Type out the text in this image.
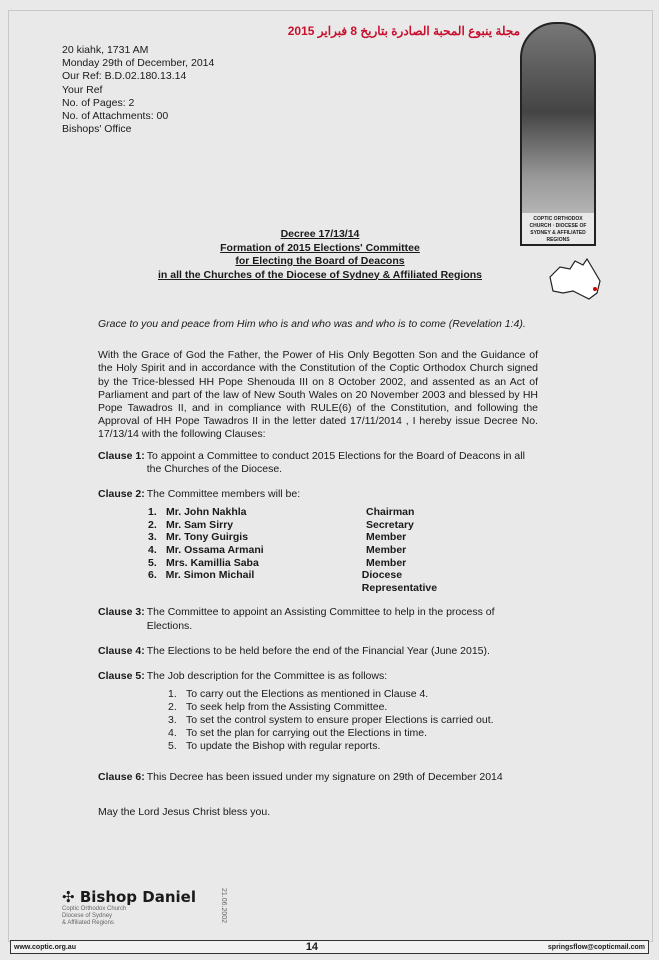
مجلة ينبوع المحبة الصادرة بتاريخ 8 فبراير 2015
20 kiahk, 1731 AM
Monday 29th of December, 2014
Our Ref: B.D.02.180.13.14
Your Ref
No. of Pages: 2
No. of Attachments: 00
Bishops' Office
COPTIC ORTHODOX CHURCH · DIOCESE OF SYDNEY & AFFILIATED REGIONS
Decree 17/13/14
Formation of 2015 Elections' Committee
for Electing the Board of Deacons
in all the Churches of the Diocese of Sydney & Affiliated Regions
Grace to you and peace from Him who is and who was and who is to come (Revelation 1:4).
With the Grace of God the Father, the Power of His Only Begotten Son and the Guidance of the Holy Spirit and in accordance with the Constitution of the Coptic Orthodox Church signed by the Trice-blessed HH Pope Shenouda III on 8 October 2002, and assented as an Act of Parliament and part of the law of New South Wales on 20 November 2003 and blessed by HH Pope Tawadros II, and in compliance with RULE(6) of the Constitution, and following the Approval of HH Pope Tawadros II in the letter dated 17/11/2014 , I hereby issue Decree No. 17/13/14 with the following Clauses:
Clause 1: To appoint a Committee to conduct 2015 Elections for the Board of Deacons in all the Churches of the Diocese.
Clause 2: The Committee members will be:
1. Mr. John Nakhla	Chairman
2. Mr. Sam Sirry	Secretary
3. Mr. Tony Guirgis	Member
4. Mr. Ossama Armani	Member
5. Mrs. Kamillia Saba	Member
6. Mr. Simon Michail	Diocese Representative
Clause 3: The Committee to appoint an Assisting Committee to help in the process of Elections.
Clause 4: The Elections to be held before the end of the Financial Year (June 2015).
Clause 5: The Job description for the Committee is as follows:
1. To carry out the Elections as mentioned in Clause 4.
2. To seek help from the Assisting Committee.
3. To set the control system to ensure proper Elections is carried out.
4. To set the plan for carrying out the Elections in time.
5. To update the Bishop with regular reports.
Clause 6: This Decree has been issued under my signature on 29th of December 2014
May the Lord Jesus Christ bless you.
✣ Bishop Daniel
Coptic Orthodox Church
Diocese of Sydney
& Affiliated Regions	21.06.2002
www.coptic.org.au	14	springsflow@copticmail.com
